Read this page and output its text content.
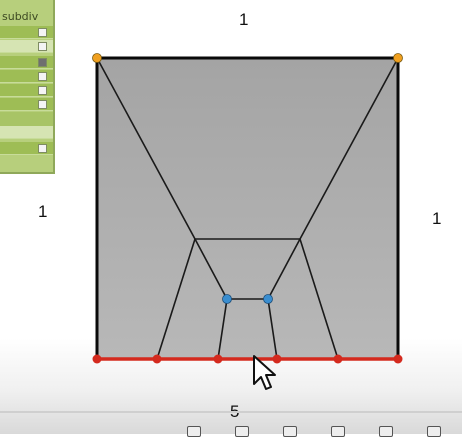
subdiv	1
1	1
